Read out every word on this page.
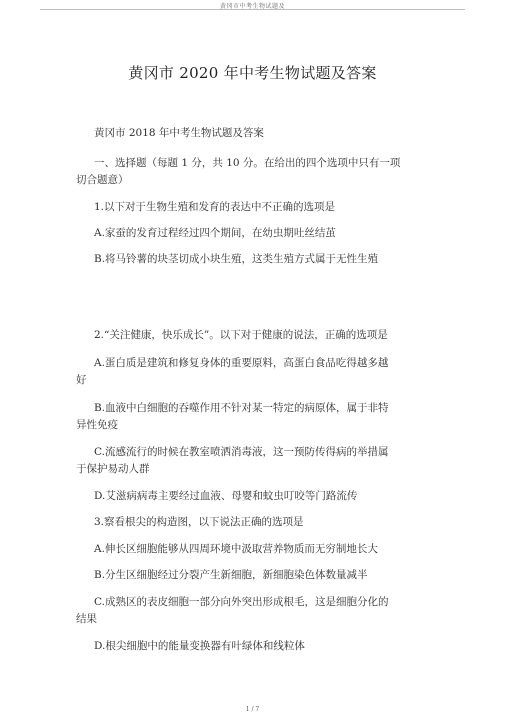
黄冈市中考生物试题及
黄冈市 2020 年中考生物试题及答案
黄冈市 2018 年中考生物试题及答案
一、选择题（每题 1 分，共 10 分。在给出的四个选项中只有一项
切合题意）
1.以下对于生物生殖和发育的表达中不正确的选项是
A.家蚕的发育过程经过四个期间，在幼虫期吐丝结茧
B.将马铃薯的块茎切成小块生殖，这类生殖方式属于无性生殖
2.“关注健康，快乐成长”。以下对于健康的说法，正确的选项是
A.蛋白质是建筑和修复身体的重要原料，高蛋白食品吃得越多越
好
B.血液中白细胞的吞噬作用不针对某一特定的病原体，属于非特
异性免疫
C.流感流行的时候在教室喷洒消毒液，这一预防传得病的举措属
于保护易动人群
D.艾滋病病毒主要经过血液、母婴和蚊虫叮咬等门路流传
3.察看根尖的构造图，以下说法正确的选项是
A.伸长区细胞能够从四周环境中汲取营养物质而无穷制地长大
B.分生区细胞经过分裂产生新细胞，新细胞染色体数量减半
C.成熟区的表皮细胞一部分向外突出形成根毛，这是细胞分化的
结果
D.根尖细胞中的能量变换器有叶绿体和线粒体
1 / 7
